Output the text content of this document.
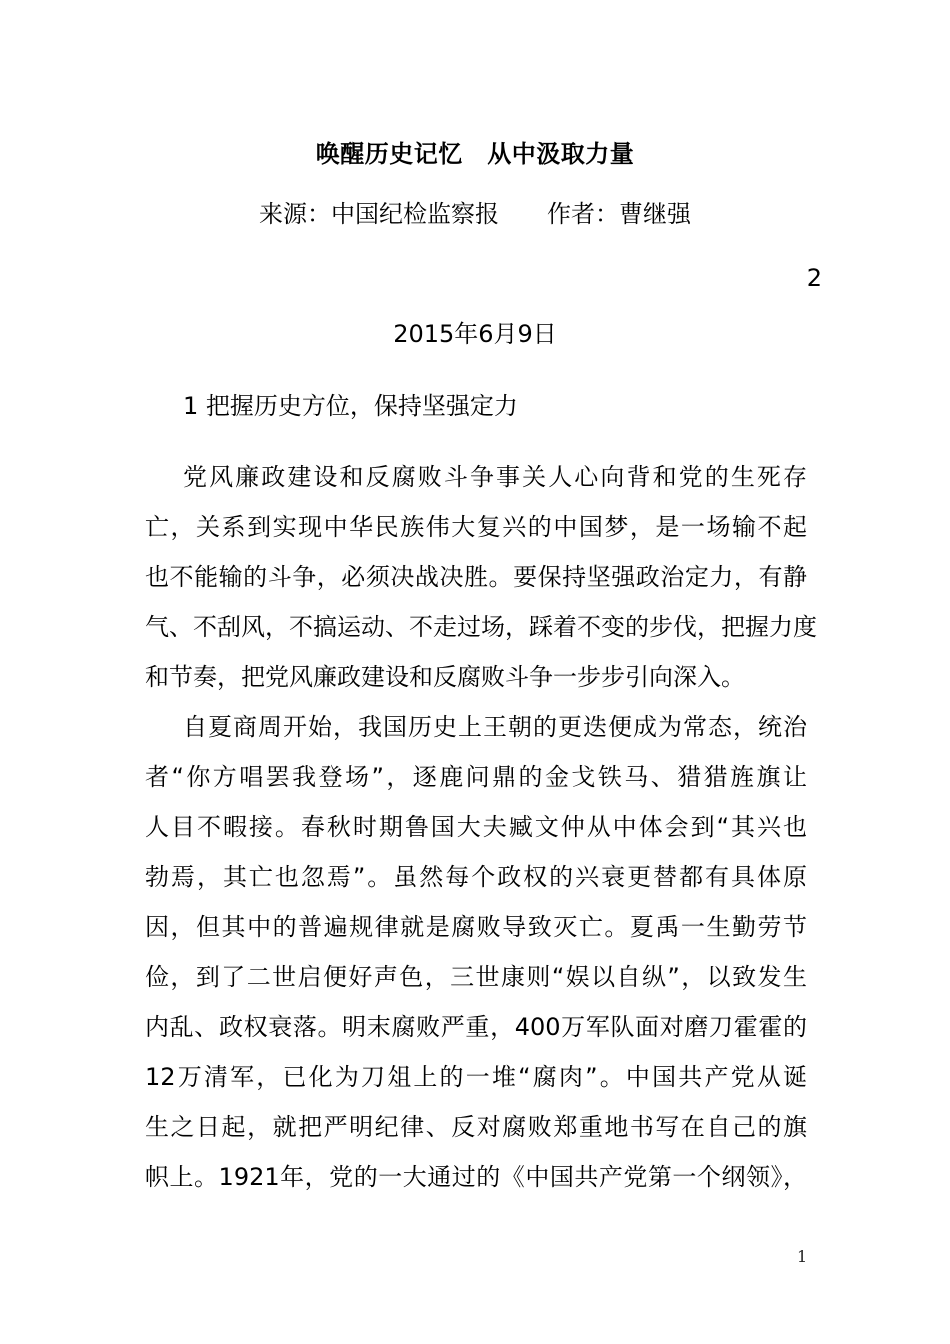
唤醒历史记忆　从中汲取力量
来源：中国纪检监察报　　作者：曹继强
2
2015年6月9日
1 把握历史方位，保持坚强定力
党风廉政建设和反腐败斗争事关人心向背和党的生死存
亡，关系到实现中华民族伟大复兴的中国梦，是一场输不起
也不能输的斗争，必须决战决胜。要保持坚强政治定力，有静
气、不刮风，不搞运动、不走过场，踩着不变的步伐，把握力度
和节奏，把党风廉政建设和反腐败斗争一步步引向深入。
自夏商周开始，我国历史上王朝的更迭便成为常态，统治
者“你方唱罢我登场”，逐鹿问鼎的金戈铁马、猎猎旌旗让
人目不暇接。春秋时期鲁国大夫臧文仲从中体会到“其兴也
勃焉，其亡也忽焉”。虽然每个政权的兴衰更替都有具体原
因，但其中的普遍规律就是腐败导致灭亡。夏禹一生勤劳节
俭，到了二世启便好声色，三世康则“娱以自纵”，以致发生
内乱、政权衰落。明末腐败严重，400万军队面对磨刀霍霍的
12万清军，已化为刀俎上的一堆“腐肉”。中国共产党从诞
生之日起，就把严明纪律、反对腐败郑重地书写在自己的旗
帜上。1921年，党的一大通过的《中国共产党第一个纲领》，
1
